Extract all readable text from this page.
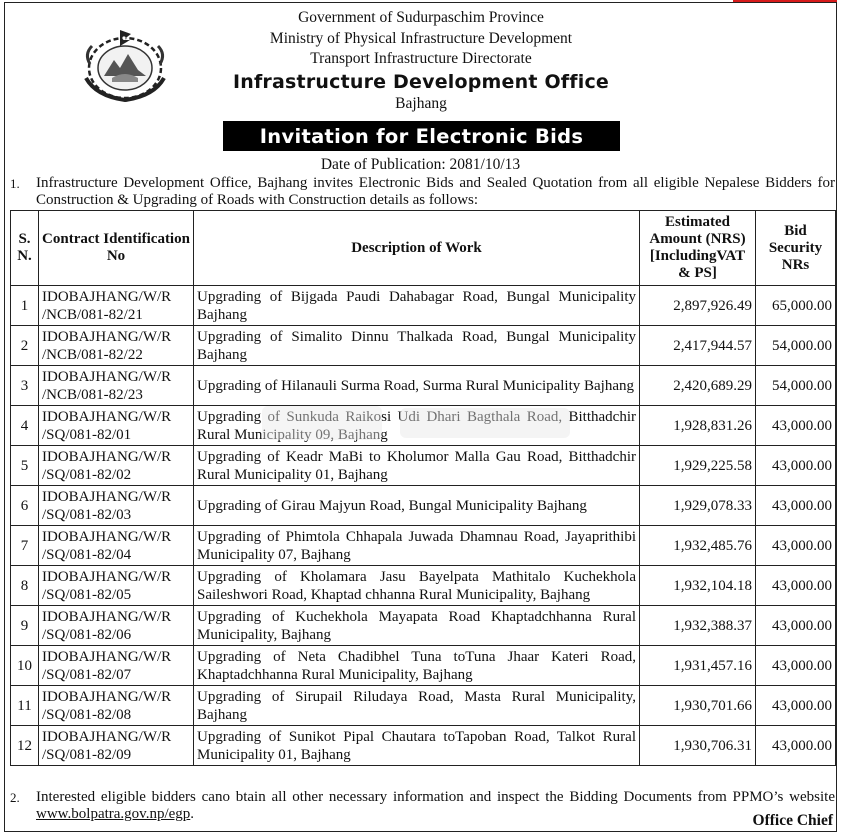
Government of Sudurpaschim Province
Ministry of Physical Infrastructure Development
Transport Infrastructure Directorate
Infrastructure Development Office
Bajhang
Invitation for Electronic Bids
Date of Publication: 2081/10/13
1. Infrastructure Development Office, Bajhang invites Electronic Bids and Sealed Quotation from all eligible Nepalese Bidders for Construction & Upgrading of Roads with Construction details as follows:
S. N.	Contract Identification No	Description of Work	Estimated Amount (NRS) [IncludingVAT & PS]	Bid Security NRs
1	IDOBAJHANG/W/R
/NCB/081-82/21	Upgrading of Bijgada Paudi Dahabagar Road, Bungal Municipality Bajhang	2,897,926.49	65,000.00
2	IDOBAJHANG/W/R
/NCB/081-82/22	Upgrading of Simalito Dinnu Thalkada Road, Bungal Municipality Bajhang	2,417,944.57	54,000.00
3	IDOBAJHANG/W/R
/NCB/081-82/23	Upgrading of Hilanauli Surma Road, Surma Rural Municipality Bajhang	2,420,689.29	54,000.00
4	IDOBAJHANG/W/R
/SQ/081-82/01	Upgrading of Sunkuda Raikosi Udi Dhari Bagthala Road, Bitthadchir Rural Municipality 09, Bajhang	1,928,831.26	43,000.00
5	IDOBAJHANG/W/R
/SQ/081-82/02	Upgrading of Keadr MaBi to Kholumor Malla Gau Road, Bitthadchir Rural Municipality 01, Bajhang	1,929,225.58	43,000.00
6	IDOBAJHANG/W/R
/SQ/081-82/03	Upgrading of Girau Majyun Road, Bungal Municipality Bajhang	1,929,078.33	43,000.00
7	IDOBAJHANG/W/R
/SQ/081-82/04	Upgrading of Phimtola Chhapala Juwada Dhamnau Road, Jayaprithibi Municipality 07, Bajhang	1,932,485.76	43,000.00
8	IDOBAJHANG/W/R
/SQ/081-82/05	Upgrading of Kholamara Jasu Bayelpata Mathitalo Kuchekhola Saileshwori Road, Khaptad chhanna Rural Municipality, Bajhang	1,932,104.18	43,000.00
9	IDOBAJHANG/W/R
/SQ/081-82/06	Upgrading of Kuchekhola Mayapata Road Khaptadchhanna Rural Municipality, Bajhang	1,932,388.37	43,000.00
10	IDOBAJHANG/W/R
/SQ/081-82/07	Upgrading of Neta Chadibhel Tuna toTuna Jhaar Kateri Road, Khaptadchhanna Rural Municipality, Bajhang	1,931,457.16	43,000.00
11	IDOBAJHANG/W/R
/SQ/081-82/08	Upgrading of Sirupail Riludaya Road, Masta Rural Municipality, Bajhang	1,930,701.66	43,000.00
12	IDOBAJHANG/W/R
/SQ/081-82/09	Upgrading of Sunikot Pipal Chautara toTapoban Road, Talkot Rural Municipality 01, Bajhang	1,930,706.31	43,000.00
2. Interested eligible bidders cano btain all other necessary information and inspect the Bidding Documents from PPMO’s website www.bolpatra.gov.np/egp.	Office Chief
